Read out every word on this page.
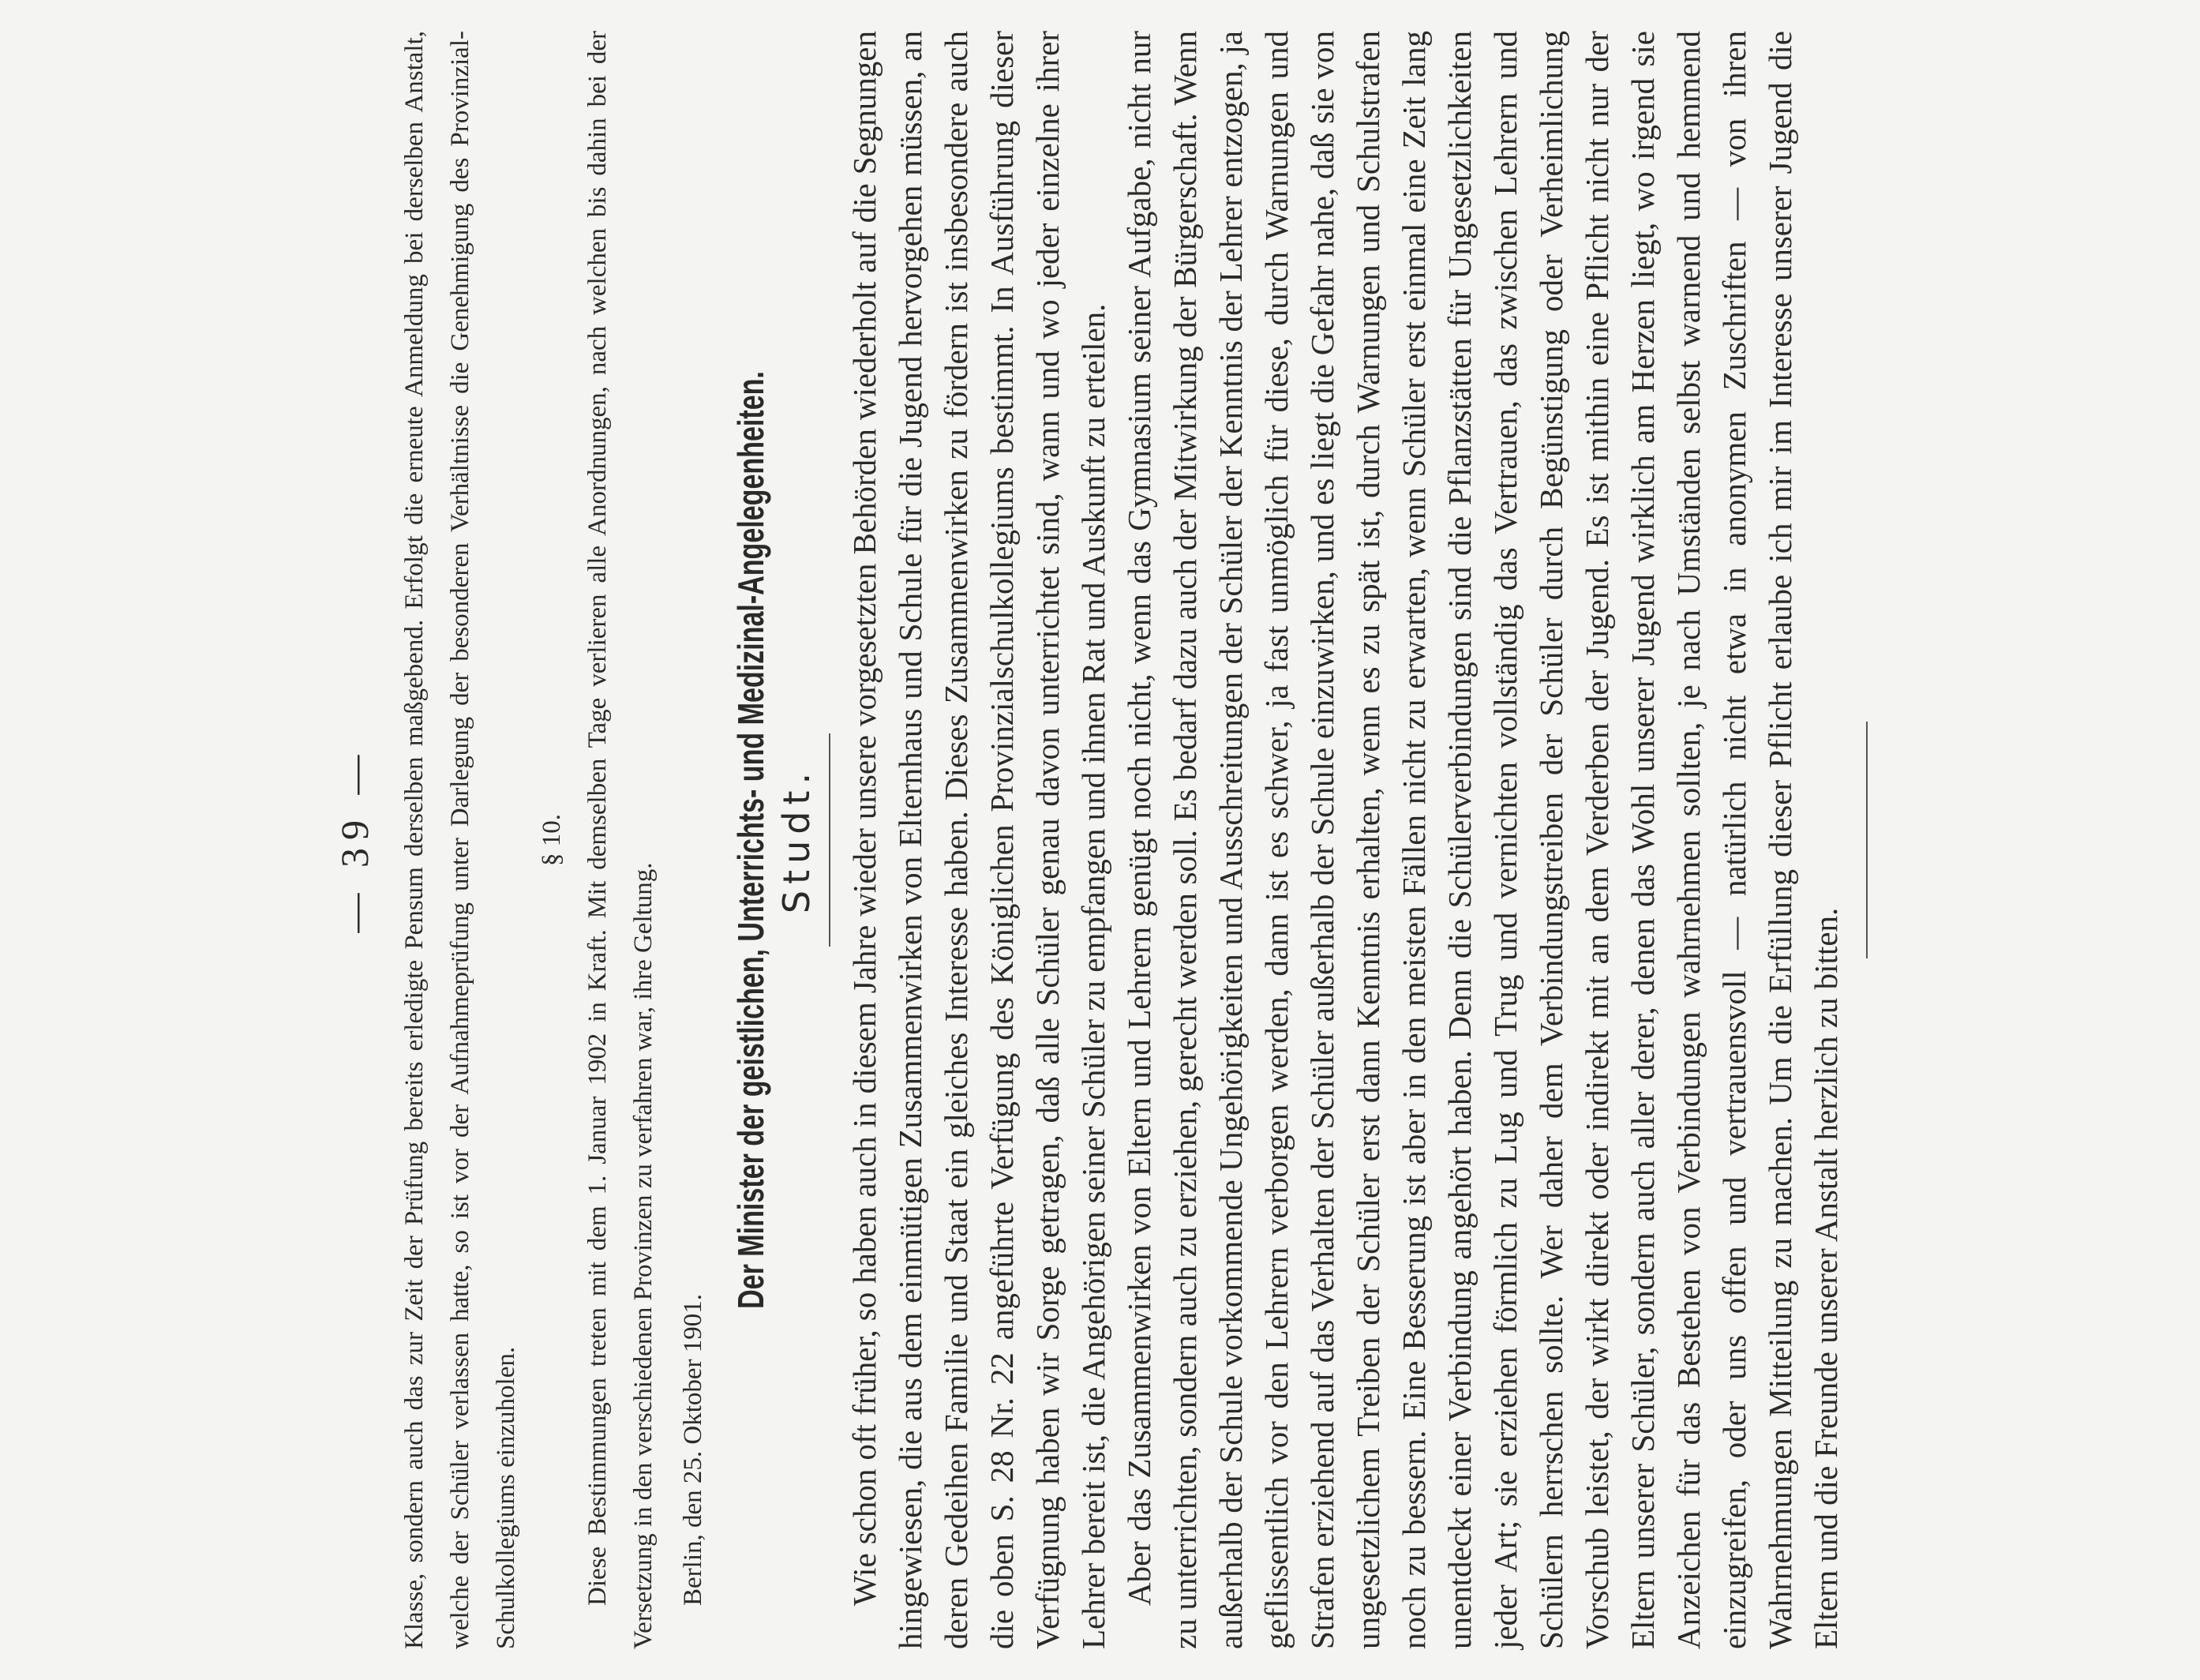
— 39 — Klasse, sondern auch das zur Zeit der Prüfung bereits erledigte Pensum derselben maßgebend. Erfolgt die erneute Anmeldung bei derselben Anstalt, welche der Schüler verlassen hatte, so ist vor der Aufnahmeprüfung unter Darlegung der besonderen Verhältnisse die Genehmigung des Provinzial-Schulkollegiums einzuholen.

§ 10. Diese Bestimmungen treten mit dem 1. Januar 1902 in Kraft. Mit demselben Tage verlieren alle Anordnungen, nach welchen bis dahin bei der Versetzung in den verschiedenen Provinzen zu verfahren war, ihre Geltung. Berlin, den 25. Oktober 1901.

Der Minister der geistlichen, Unterrichts- und Medizinal-Angelegenheiten. Studt. Wie schon oft früher, so haben auch in diesem Jahre wieder unsere vorgesetzten Behörden wiederholt auf die Segnungen hingewiesen, die aus dem einmütigen Zusammenwirken von Elternhaus und Schule für die Jugend hervorgehen müssen, an deren Gedeihen Familie und Staat ein gleiches Interesse haben. Dieses Zusammenwirken zu fördern ist insbesondere auch die oben S. 28 Nr. 22 angeführte Verfügung des Königlichen Provinzialschulkollegiums bestimmt. In Ausführung dieser Verfügnung haben wir Sorge getragen, daß alle Schüler genau davon unterrichtet sind, wann und wo jeder einzelne ihrer Lehrer bereit ist, die Angehörigen seiner Schüler zu empfangen und ihnen Rat und Auskunft zu erteilen. Aber das Zusammenwirken von Eltern und Lehrern genügt noch nicht, wenn das Gymnasium seiner Aufgabe, nicht nur zu unterrichten, sondern auch zu erziehen, gerecht werden soll. Es bedarf dazu auch der Mitwirkung der Bürgerschaft. Wenn außerhalb der Schule vorkommende Ungehörigkeiten und Ausschreitungen der Schüler der Kenntnis der Lehrer entzogen, ja geflissentlich vor den Lehrern verborgen werden, dann ist es schwer, ja fast unmöglich für diese, durch Warnungen und Strafen erziehend auf das Verhalten der Schüler außerhalb der Schule einzuwirken, und es liegt die Gefahr nahe, daß sie von ungesetzlichem Treiben der Schüler erst dann Kenntnis erhalten, wenn es zu spät ist, durch Warnungen und Schulstrafen noch zu bessern. Eine Besserung ist aber in den meisten Fällen nicht zu erwarten, wenn Schüler erst einmal eine Zeit lang unentdeckt einer Verbindung angehört haben. Denn die Schülerverbindungen sind die Pflanzstätten für Ungesetzlichkeiten jeder Art; sie erziehen förmlich zu Lug und Trug und vernichten vollständig das Vertrauen, das zwischen Lehrern und Schülern herrschen sollte. Wer daher dem Verbindungstreiben der Schüler durch Begünstigung oder Verheimlichung Vorschub leistet, der wirkt direkt oder indirekt mit an dem Verderben der Jugend. Es ist mithin eine Pflicht nicht nur der Eltern unserer Schüler, sondern auch aller derer, denen das Wohl unserer Jugend wirklich am Herzen liegt, wo irgend sie Anzeichen für das Bestehen von Verbindungen wahrnehmen sollten, je nach Umständen selbst warnend und hemmend einzugreifen, oder uns offen und vertrauensvoll — natürlich nicht etwa in anonymen Zuschriften — von ihren Wahrnehmungen Mitteilung zu machen. Um die Erfüllung dieser Pflicht erlaube ich mir im Interesse unserer Jugend die Eltern und die Freunde unserer Anstalt herzlich zu bitten.
